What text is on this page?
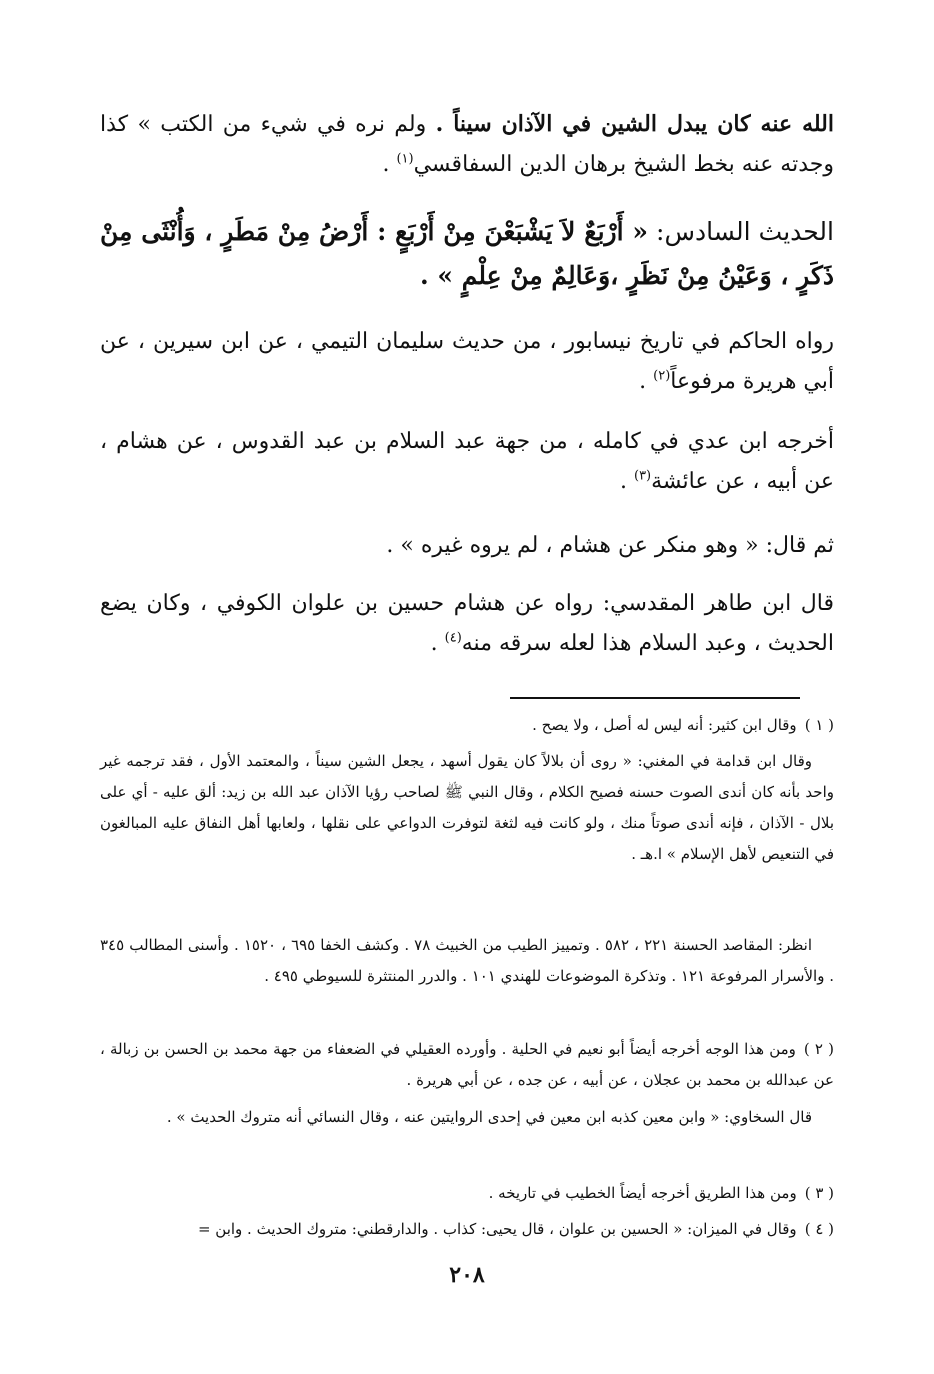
الله عنه كان يبدل الشين في الآذان سيناً . ولم نره في شيء من الكتب » كذا وجدته عنه بخط الشيخ برهان الدين السفاقسي$^{(١)}$ .

الحديث السادس: « أَرْبَعٌ لاَ يَشْبَعْنَ مِنْ أَرْبَعٍ : أَرْضُ مِنْ مَطَرٍ ، وَأُنْثَى مِنْ ذَكَرٍ ، وَعَيْنُ مِنْ نَظَرٍ ،وَعَالِمٌ مِنْ عِلْمٍ » .

رواه الحاكم في تاريخ نيسابور ، من حديث سليمان التيمي ، عن ابن سيرين ، عن أبي هريرة مرفوعاً$^{(٢)}$ .

أخرجه ابن عدي في كامله ، من جهة عبد السلام بن عبد القدوس ، عن هشام ، عن أبيه ، عن عائشة$^{(٣)}$ .

ثم قال: « وهو منكر عن هشام ، لم يروه غيره » .

قال ابن طاهر المقدسي: رواه عن هشام حسين بن علوان الكوفي ، وكان يضع الحديث ، وعبد السلام هذا لعله سرقه منه$^{(٤)}$ .

( ١ )وقال ابن كثير: أنه ليس له أصل ، ولا يصح .

وقال ابن قدامة في المغني: « روى أن بلالاً كان يقول أسهد ، يجعل الشين سيناً ، والمعتمد الأول ، فقد ترجمه غير واحد بأنه كان أندى الصوت حسنه فصيح الكلام ، وقال النبي ﷺ لصاحب رؤيا الآذان عبد الله بن زيد: ألق عليه - أي على بلال - الآذان ، فإنه أندى صوتاً منك ، ولو كانت فيه لثغة لتوفرت الدواعي على نقلها ، ولعابها أهل النفاق عليه المبالغون في التنعيص لأهل الإسلام » ا.هـ .

انظر: المقاصد الحسنة ٢٢١ ، ٥٨٢ . وتمييز الطيب من الخبيث ٧٨ . وكشف الخفا ٦٩٥ ، ١٥٢٠ . وأسنى المطالب ٣٤٥ . والأسرار المرفوعة ١٢١ . وتذكرة الموضوعات للهندي ١٠١ . والدرر المنتثرة للسيوطي ٤٩٥ .

( ٢ )ومن هذا الوجه أخرجه أيضاً أبو نعيم في الحلية . وأورده العقيلي في الضعفاء من جهة محمد بن الحسن بن زبالة ، عن عبدالله بن محمد بن عجلان ، عن أبيه ، عن جده ، عن أبي هريرة .

قال السخاوي: « وابن معين كذبه ابن معين في إحدى الروايتين عنه ، وقال النسائي أنه متروك الحديث » .

( ٣ )ومن هذا الطريق أخرجه أيضاً الخطيب في تاريخه .

( ٤ )وقال في الميزان: « الحسين بن علوان ، قال يحيى: كذاب . والدارقطني: متروك الحديث . وابن =

٢٠٨
